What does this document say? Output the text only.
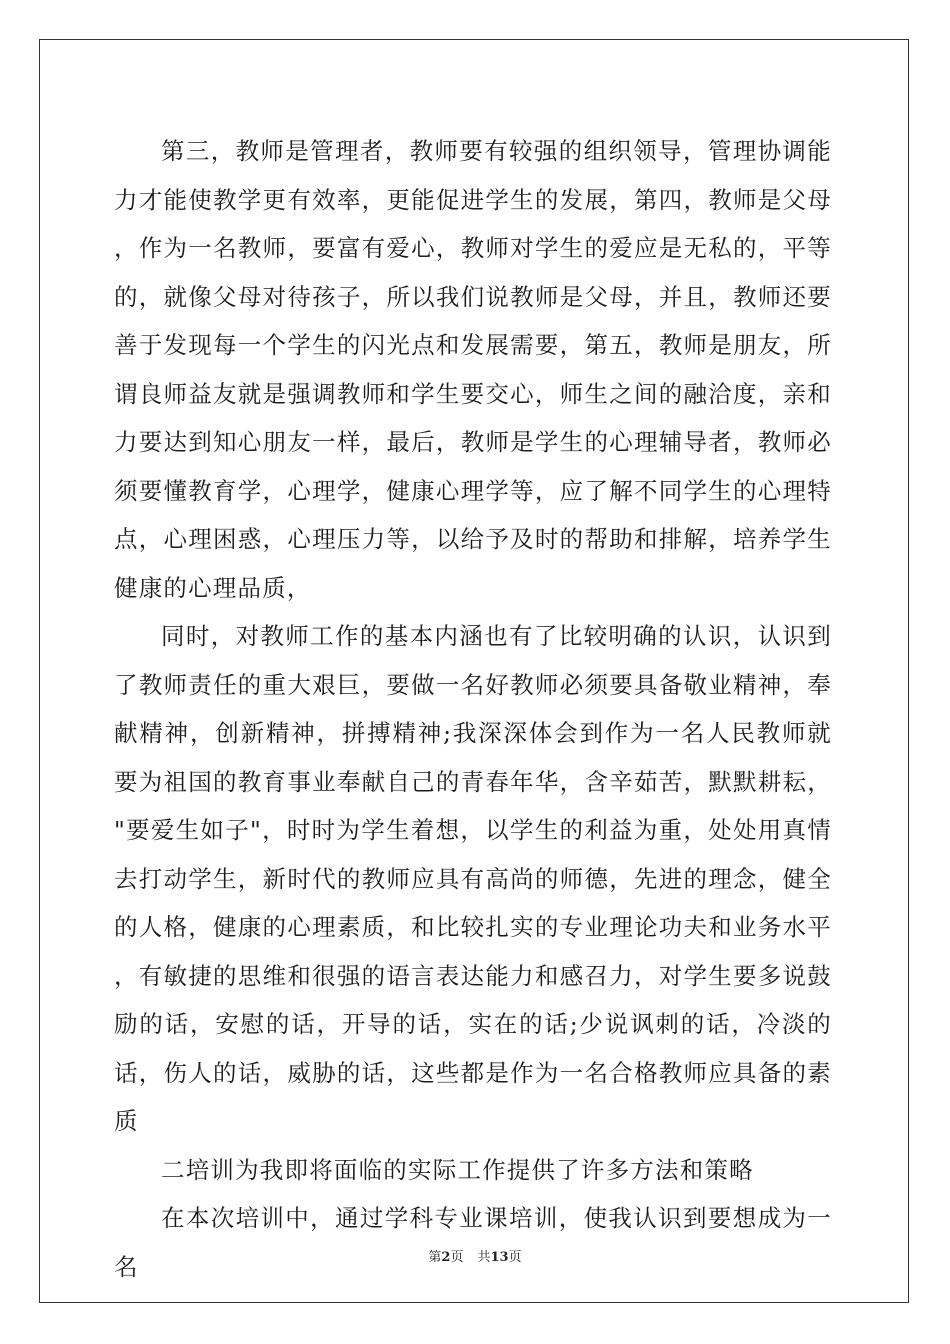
第三，教师是管理者，教师要有较强的组织领导，管理协调能力才能使教学更有效率，更能促进学生的发展，第四，教师是父母，作为一名教师，要富有爱心，教师对学生的爱应是无私的，平等的，就像父母对待孩子，所以我们说教师是父母，并且，教师还要善于发现每一个学生的闪光点和发展需要，第五，教师是朋友，所谓良师益友就是强调教师和学生要交心，师生之间的融洽度，亲和力要达到知心朋友一样，最后，教师是学生的心理辅导者，教师必须要懂教育学，心理学，健康心理学等，应了解不同学生的心理特点，心理困惑，心理压力等，以给予及时的帮助和排解，培养学生健康的心理品质，

同时，对教师工作的基本内涵也有了比较明确的认识，认识到了教师责任的重大艰巨，要做一名好教师必须要具备敬业精神，奉献精神，创新精神，拼搏精神;我深深体会到作为一名人民教师就要为祖国的教育事业奉献自己的青春年华，含辛茹苦，默默耕耘，"要爱生如子"，时时为学生着想，以学生的利益为重，处处用真情去打动学生，新时代的教师应具有高尚的师德，先进的理念，健全的人格，健康的心理素质，和比较扎实的专业理论功夫和业务水平，有敏捷的思维和很强的语言表达能力和感召力，对学生要多说鼓励的话，安慰的话，开导的话，实在的话;少说讽刺的话，冷淡的话，伤人的话，威胁的话，这些都是作为一名合格教师应具备的素质

二培训为我即将面临的实际工作提供了许多方法和策略

在本次培训中，通过学科专业课培训，使我认识到要想成为一名	第2页 共13页
